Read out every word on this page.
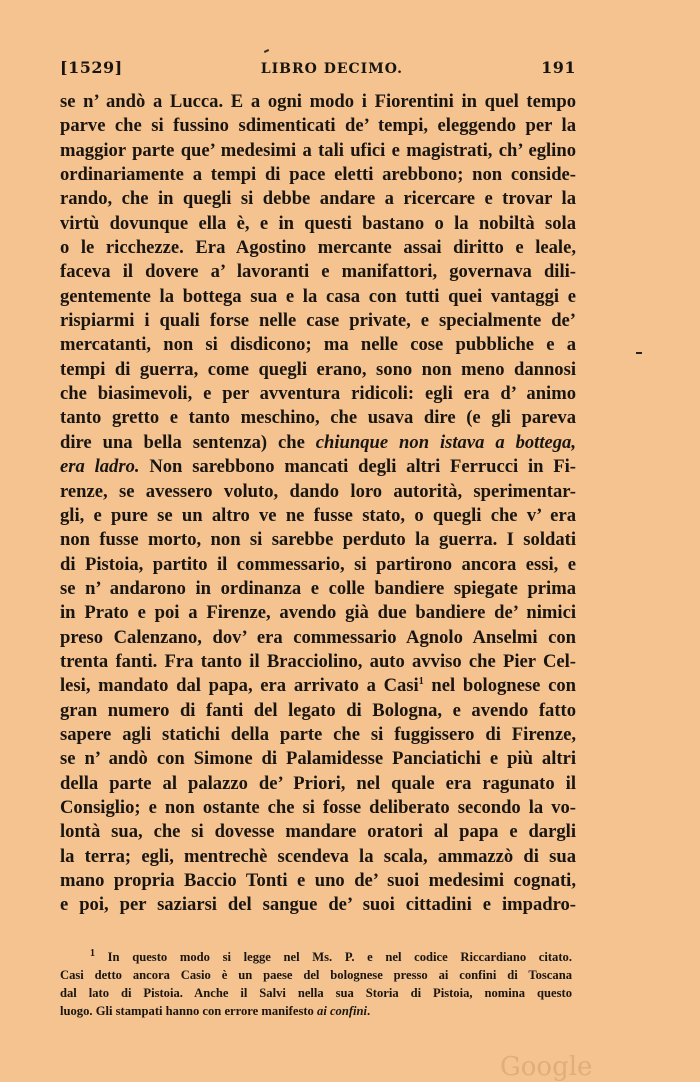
[1529]	LIBRO DECIMO.	191
se n’ andò a Lucca. E a ogni modo i Fiorentini in quel tempo
parve che si fussino sdimenticati de’ tempi, eleggendo per la
maggior parte que’ medesimi a tali ufici e magistrati, ch’ eglino
ordinariamente a tempi di pace eletti arebbono; non conside-
rando, che in quegli si debbe andare a ricercare e trovar la
virtù dovunque ella è, e in questi bastano o la nobiltà sola
o le ricchezze. Era Agostino mercante assai diritto e leale,
faceva il dovere a’ lavoranti e manifattori, governava dili-
gentemente la bottega sua e la casa con tutti quei vantaggi e
rispiarmi i quali forse nelle case private, e specialmente de’
mercatanti, non si disdicono; ma nelle cose pubbliche e a
tempi di guerra, come quegli erano, sono non meno dannosi
che biasimevoli, e per avventura ridicoli: egli era d’ animo
tanto gretto e tanto meschino, che usava dire (e gli pareva
dire una bella sentenza) che chiunque non istava a bottega,
era ladro. Non sarebbono mancati degli altri Ferrucci in Fi-
renze, se avessero voluto, dando loro autorità, sperimentar-
gli, e pure se un altro ve ne fusse stato, o quegli che v’ era
non fusse morto, non si sarebbe perduto la guerra. I soldati
di Pistoia, partito il commessario, si partirono ancora essi, e
se n’ andarono in ordinanza e colle bandiere spiegate prima
in Prato e poi a Firenze, avendo già due bandiere de’ nimici
preso Calenzano, dov’ era commessario Agnolo Anselmi con
trenta fanti. Fra tanto il Bracciolino, auto avviso che Pier Cel-
lesi, mandato dal papa, era arrivato a Casi$^1$ nel bolognese con
gran numero di fanti del legato di Bologna, e avendo fatto
sapere agli statichi della parte che si fuggissero di Firenze,
se n’ andò con Simone di Palamidesse Panciatichi e più altri
della parte al palazzo de’ Priori, nel quale era ragunato il
Consiglio; e non ostante che si fosse deliberato secondo la vo-
lontà sua, che si dovesse mandare oratori al papa e dargli
la terra; egli, mentrechè scendeva la scala, ammazzò di sua
mano propria Baccio Tonti e uno de’ suoi medesimi cognati,
e poi, per saziarsi del sangue de’ suoi cittadini e impadro-
$^1$ In questo modo si legge nel Ms. P. e nel codice Riccardiano citato.
Casi detto ancora Casio è un paese del bolognese presso ai confini di Toscana
dal lato di Pistoia. Anche il Salvi nella sua Storia di Pistoia, nomina questo
luogo. Gli stampati hanno con errore manifesto ai confini.
Google
